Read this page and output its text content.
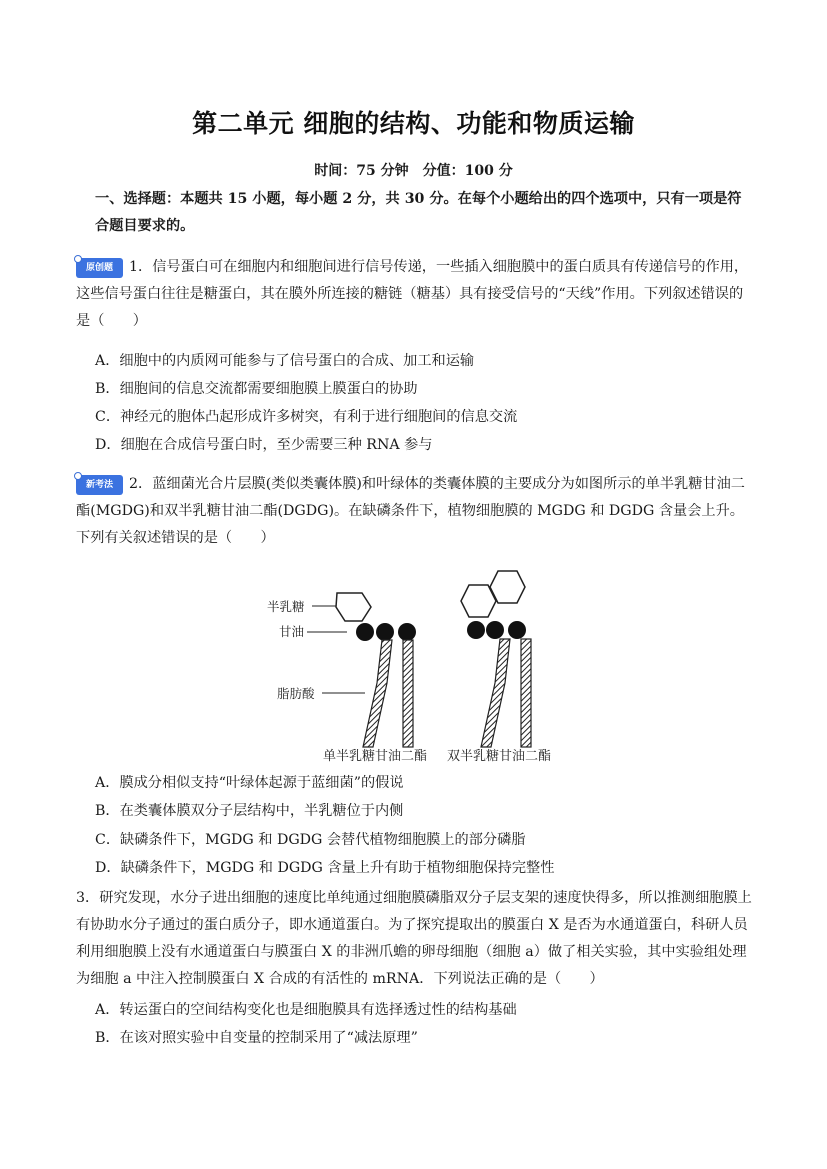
第二单元 细胞的结构、功能和物质运输
时间：75 分钟　分值：100 分
一、选择题：本题共 15 小题，每小题 2 分，共 30 分。在每个小题给出的四个选项中，只有一项是符合题目要求的。
原创题 1．信号蛋白可在细胞内和细胞间进行信号传递，一些插入细胞膜中的蛋白质具有传递信号的作用，这些信号蛋白往往是糖蛋白，其在膜外所连接的糖链（糖基）具有接受信号的“天线”作用。下列叙述错误的是（　　）
A．细胞中的内质网可能参与了信号蛋白的合成、加工和运输
B．细胞间的信息交流都需要细胞膜上膜蛋白的协助
C．神经元的胞体凸起形成许多树突，有利于进行细胞间的信息交流
D．细胞在合成信号蛋白时，至少需要三种 RNA 参与
新考法 2．蓝细菌光合片层膜(类似类囊体膜)和叶绿体的类囊体膜的主要成分为如图所示的单半乳糖甘油二酯(MGDG)和双半乳糖甘油二酯(DGDG)。在缺磷条件下，植物细胞膜的 MGDG 和 DGDG 含量会上升。下列有关叙述错误的是（　　）
半乳糖
甘油
脂肪酸
单半乳糖甘油二酯 双半乳糖甘油二酯
A．膜成分相似支持“叶绿体起源于蓝细菌”的假说
B．在类囊体膜双分子层结构中，半乳糖位于内侧
C．缺磷条件下，MGDG 和 DGDG 会替代植物细胞膜上的部分磷脂
D．缺磷条件下，MGDG 和 DGDG 含量上升有助于植物细胞保持完整性
3．研究发现，水分子进出细胞的速度比单纯通过细胞膜磷脂双分子层支架的速度快得多，所以推测细胞膜上有协助水分子通过的蛋白质分子，即水通道蛋白。为了探究提取出的膜蛋白 X 是否为水通道蛋白，科研人员利用细胞膜上没有水通道蛋白与膜蛋白 X 的非洲爪蟾的卵母细胞（细胞 a）做了相关实验，其中实验组处理为细胞 a 中注入控制膜蛋白 X 合成的有活性的 mRNA．下列说法正确的是（　　）
A．转运蛋白的空间结构变化也是细胞膜具有选择透过性的结构基础
B．在该对照实验中自变量的控制采用了“减法原理”
